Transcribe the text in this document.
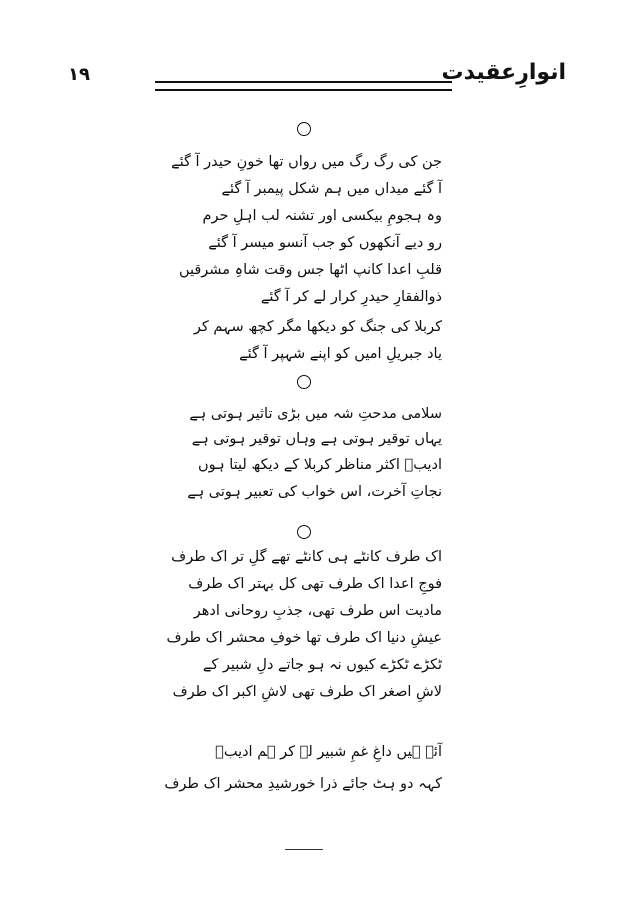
انوارِعقیدت
۱۹
جن کی رگ رگ میں رواں تھا خونِ حیدر آ گئے
آ گئے میداں میں ہم شکل پیمبر آ گئے
وہ ہجومِ بیکسی اور تشنہ لب اہلِ حرم
رو دیے آنکھوں کو جب آنسو میسر آ گئے
قلبِ اعدا کانپ اٹھا جس وقت شاہِ مشرقیں
ذوالفقارِ حیدرِ کرار لے کر آ گئے
کربلا کی جنگ کو دیکھا مگر کچھ سہم کر
یاد جبریلِ امیں کو اپنے شہپر آ گئے
سلامی مدحتِ شہ میں بڑی تاثیر ہوتی ہے
یہاں توقیر ہوتی ہے وہاں توقیر ہوتی ہے
ادیبؔ اکثر مناظر کربلا کے دیکھ لیتا ہوں
نجاتِ آخرت، اس خواب کی تعبیر ہوتی ہے
اک طرف کانٹے ہی کانٹے تھے گلِ تر اک طرف
فوجِ اعدا اک طرف تھی کل بہتر اک طرف
مادیت اس طرف تھی، جذبِ روحانی ادھر
عیشِ دنیا اک طرف تھا خوفِ محشر اک طرف
ٹکڑے ٹکڑے کیوں نہ ہو جاتے دلِ شبیر کے
لاشِ اصغر اک طرف تھی لاشِ اکبر اک طرف
آئے ہیں داغِ غمِ شبیر لے کر ہم ادیبؔ
کہہ دو ہٹ جائے ذرا خورشیدِ محشر اک طرف
